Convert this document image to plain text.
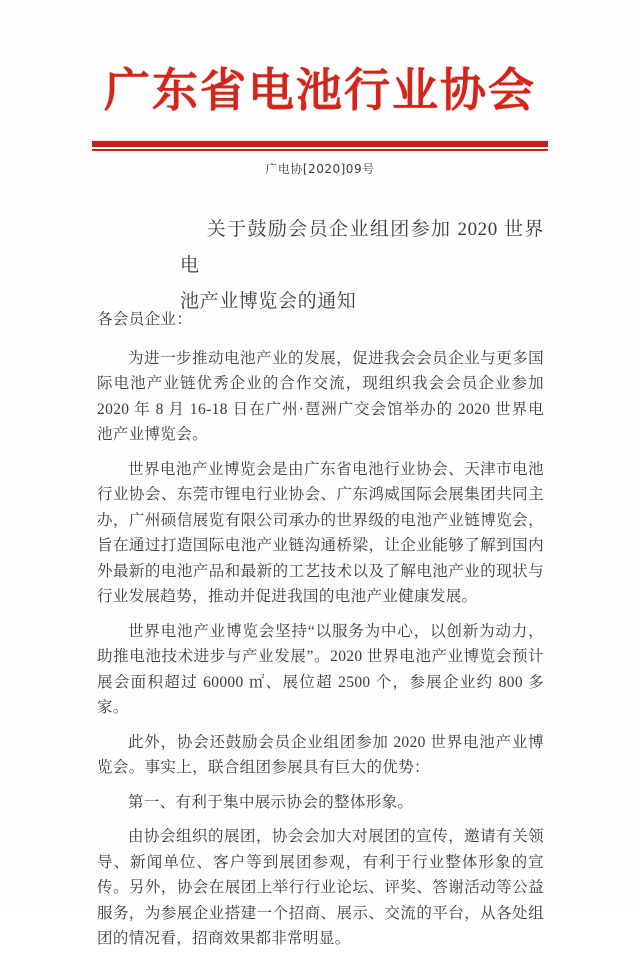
广东省电池行业协会
广电协[2020]09号
关于鼓励会员企业组团参加 2020 世界电
池产业博览会的通知

各会员企业：

为进一步推动电池产业的发展，促进我会会员企业与更多国际电池产业链优秀企业的合作交流，现组织我会会员企业参加 2020 年 8 月 16-18 日在广州·琶洲广交会馆举办的 2020 世界电池产业博览会。

世界电池产业博览会是由广东省电池行业协会、天津市电池行业协会、东莞市锂电行业协会、广东鸿威国际会展集团共同主办，广州硕信展览有限公司承办的世界级的电池产业链博览会，旨在通过打造国际电池产业链沟通桥梁，让企业能够了解到国内外最新的电池产品和最新的工艺技术以及了解电池产业的现状与行业发展趋势，推动并促进我国的电池产业健康发展。

世界电池产业博览会坚持“以服务为中心，以创新为动力，助推电池技术进步与产业发展”。2020 世界电池产业博览会预计展会面积超过 60000 ㎡、展位超 2500 个，参展企业约 800 多家。

此外，协会还鼓励会员企业组团参加 2020 世界电池产业博览会。事实上，联合组团参展具有巨大的优势：

第一、有利于集中展示协会的整体形象。

由协会组织的展团，协会会加大对展团的宣传，邀请有关领导、新闻单位、客户等到展团参观，有利于行业整体形象的宣传。另外，协会在展团上举行行业论坛、评奖、答谢活动等公益服务，为参展企业搭建一个招商、展示、交流的平台，从各处组团的情况看，招商效果都非常明显。
